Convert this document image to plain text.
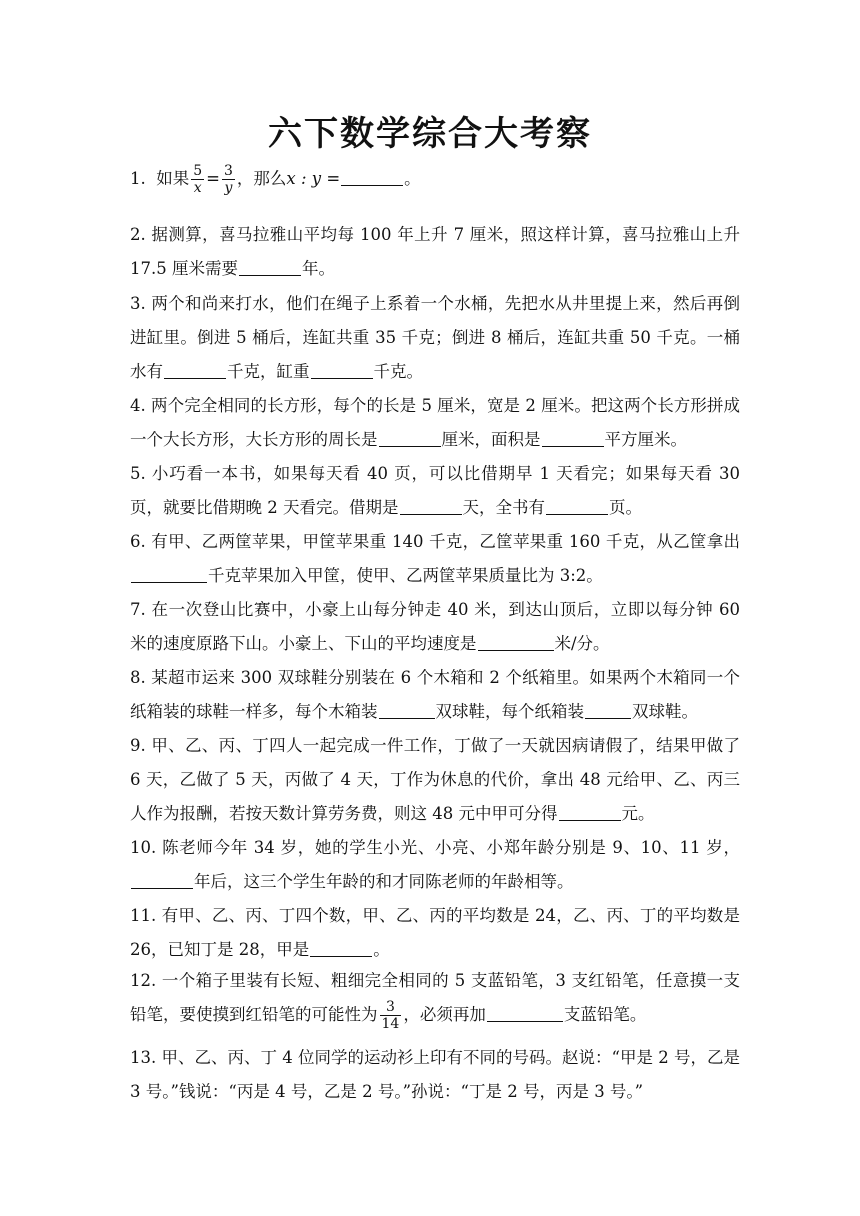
六下数学综合大考察
1. 如果 $\frac{5}{x} = \frac{3}{y}$ ，那么x : y =	。
2. 据测算，喜马拉雅山平均每 100 年上升 7 厘米，照这样计算，喜马拉雅山上升 17.5 厘米需要	年。
3. 两个和尚来打水，他们在绳子上系着一个水桶，先把水从井里提上来，然后再倒进缸里。倒进 5 桶后，连缸共重 35 千克；倒进 8 桶后，连缸共重 50 千克。一桶水有	千克，缸重	千克。
4. 两个完全相同的长方形，每个的长是 5 厘米，宽是 2 厘米。把这两个长方形拼成一个大长方形，大长方形的周长是	厘米，面积是	平方厘米。
5. 小巧看一本书，如果每天看 40 页，可以比借期早 1 天看完；如果每天看 30 页，就要比借期晚 2 天看完。借期是	天，全书有	页。
6. 有甲、乙两筐苹果，甲筐苹果重 140 千克，乙筐苹果重 160 千克，从乙筐拿出千克苹果加入甲筐，使甲、乙两筐苹果质量比为 3:2。
7. 在一次登山比赛中，小豪上山每分钟走 40 米，到达山顶后，立即以每分钟 60 米的速度原路下山。小豪上、下山的平均速度是	米/分。
8. 某超市运来 300 双球鞋分别装在 6 个木箱和 2 个纸箱里。如果两个木箱同一个纸箱装的球鞋一样多，每个木箱装	双球鞋，每个纸箱装	双球鞋。
9. 甲、乙、丙、丁四人一起完成一件工作，丁做了一天就因病请假了，结果甲做了 6 天，乙做了 5 天，丙做了 4 天，丁作为休息的代价，拿出 48 元给甲、乙、丙三人作为报酬，若按天数计算劳务费，则这 48 元中甲可分得	元。
10. 陈老师今年 34 岁，她的学生小光、小亮、小郑年龄分别是 9、10、11 岁，年后，这三个学生年龄的和才同陈老师的年龄相等。
11. 有甲、乙、丙、丁四个数，甲、乙、丙的平均数是 24，乙、丙、丁的平均数是 26，已知丁是 28，甲是	。
12. 一个箱子里装有长短、粗细完全相同的 5 支蓝铅笔，3 支红铅笔，任意摸一支铅笔，要使摸到红铅笔的可能性为 $\frac{3}{14}$ ，必须再加	支蓝铅笔。
13. 甲、乙、丙、丁 4 位同学的运动衫上印有不同的号码。赵说：“甲是 2 号，乙是 3 号。”钱说：“丙是 4 号，乙是 2 号。”孙说：“丁是 2 号，丙是 3 号。”
